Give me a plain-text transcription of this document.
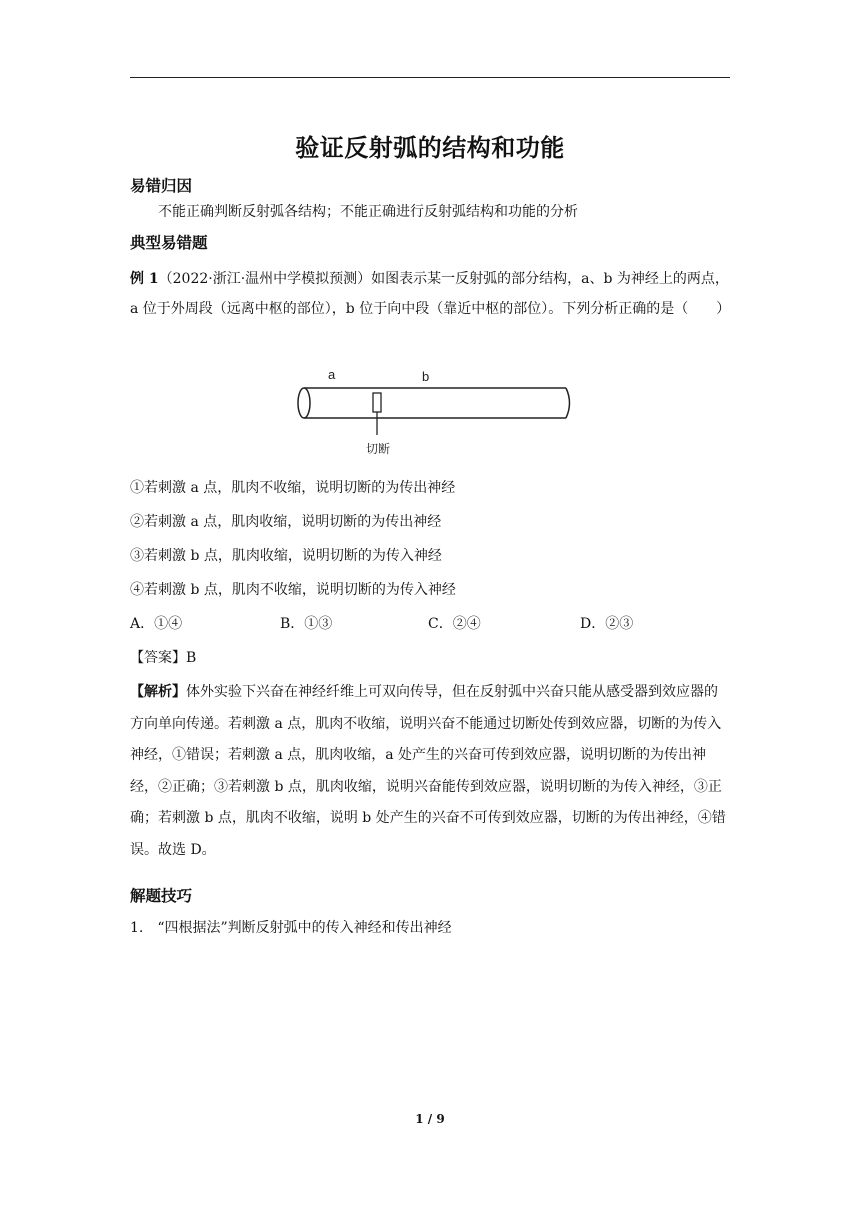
验证反射弧的结构和功能
易错归因
不能正确判断反射弧各结构；不能正确进行反射弧结构和功能的分析
典型易错题
例 1（2022·浙江·温州中学模拟预测）如图表示某一反射弧的部分结构，a、b 为神经上的两点，a 位于外周段（远离中枢的部位），b 位于向中段（靠近中枢的部位）。下列分析正确的是（　　）
a	b
切断
①若刺激 a 点，肌肉不收缩，说明切断的为传出神经
②若刺激 a 点，肌肉收缩，说明切断的为传出神经
③若刺激 b 点，肌肉收缩，说明切断的为传入神经
④若刺激 b 点，肌肉不收缩，说明切断的为传入神经
A．①④	B．①③	C．②④	D．②③
【答案】B
【解析】体外实验下兴奋在神经纤维上可双向传导，但在反射弧中兴奋只能从感受器到效应器的方向单向传递。若刺激 a 点，肌肉不收缩，说明兴奋不能通过切断处传到效应器，切断的为传入神经，①错误；若刺激 a 点，肌肉收缩，a 处产生的兴奋可传到效应器，说明切断的为传出神经，②正确；③若刺激 b 点，肌肉收缩，说明兴奋能传到效应器，说明切断的为传入神经，③正确；若刺激 b 点，肌肉不收缩，说明 b 处产生的兴奋不可传到效应器，切断的为传出神经，④错误。故选 D。
解题技巧
1.　“四根据法”判断反射弧中的传入神经和传出神经
1 / 9
